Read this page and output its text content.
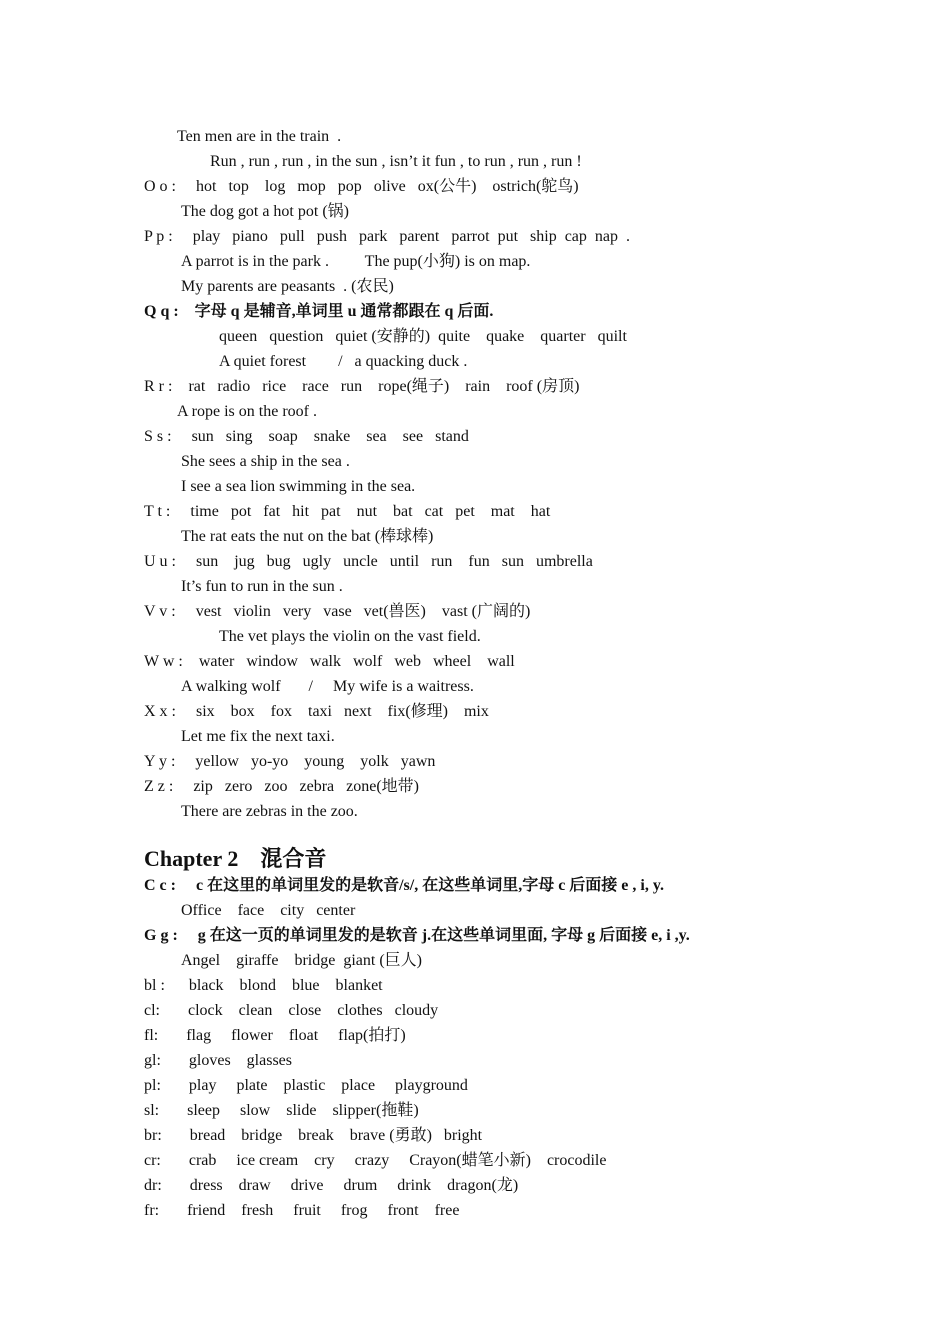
Ten men are in the train  .
Run , run , run , in the sun , isn’t it fun , to run , run , run !
O o :     hot   top    log   mop   pop   olive   ox(公牛)    ostrich(鸵鸟)
The dog got a hot pot (锅)
P p :     play   piano   pull   push   park   parent   parrot  put   ship  cap  nap  .
A parrot is in the park .         The pup(小狗) is on map.
My parents are peasants  . (农民)
Q q :    字母 q 是辅音,单词里 u 通常都跟在 q 后面.
queen   question   quiet (安静的)  quite    quake    quarter   quilt
A quiet forest        /   a quacking duck .
R r :    rat   radio   rice    race   run    rope(绳子)    rain    roof (房顶)
A rope is on the roof .
S s :     sun   sing    soap    snake    sea    see   stand
She sees a ship in the sea .
I see a sea lion swimming in the sea.
T t :     time   pot   fat   hit   pat    nut    bat   cat   pet    mat    hat
The rat eats the nut on the bat (棒球棒)
U u :     sun    jug   bug   ugly   uncle   until   run    fun   sun   umbrella
It’s fun to run in the sun .
V v :     vest   violin   very   vase   vet(兽医)    vast (广阔的)
The vet plays the violin on the vast field.
W w :    water   window   walk   wolf   web   wheel    wall
A walking wolf       /     My wife is a waitress.
X x :     six    box    fox    taxi   next    fix(修理)    mix
Let me fix the next taxi.
Y y :     yellow   yo-yo    young    yolk   yawn
Z z :     zip   zero   zoo   zebra   zone(地带)
There are zebras in the zoo.
Chapter 2    混合音
C c :     c 在这里的单词里发的是软音/s/, 在这些单词里,字母 c 后面接 e , i, y.
Office    face    city   center
G g :     g 在这一页的单词里发的是软音 j.在这些单词里面, 字母 g 后面接 e, i ,y.
Angel    giraffe    bridge  giant (巨人)
bl :      black    blond    blue    blanket
cl:       clock    clean    close    clothes   cloudy
fl:       flag     flower    float     flap(拍打)
gl:       gloves    glasses
pl:       play     plate    plastic    place     playground
sl:       sleep     slow    slide    slipper(拖鞋)
br:       bread    bridge    break    brave (勇敢)   bright
cr:       crab     ice cream    cry     crazy     Crayon(蜡笔小新)    crocodile
dr:       dress    draw     drive     drum     drink    dragon(龙)
fr:       friend    fresh     fruit     frog     front    free
